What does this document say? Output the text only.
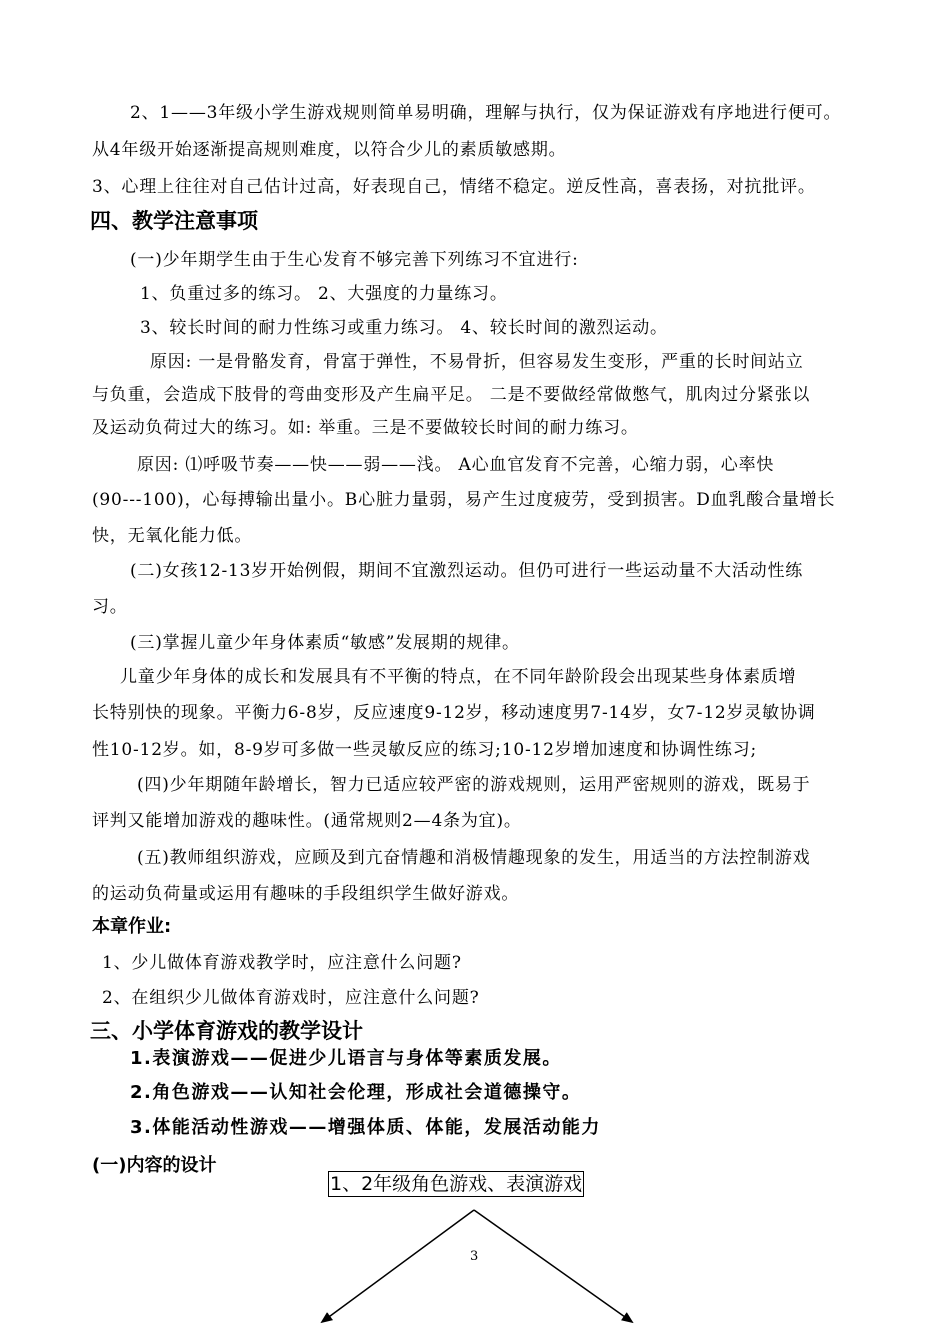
2、1——3年级小学生游戏规则简单易明确，理解与执行，仅为保证游戏有序地进行便可。
从4年级开始逐渐提高规则难度，以符合少儿的素质敏感期。
3、心理上往往对自己估计过高，好表现自己，情绪不稳定。逆反性高，喜表扬，对抗批评。
四、教学注意事项
(一)少年期学生由于生心发育不够完善下列练习不宜进行:
1、负重过多的练习。 2、大强度的力量练习。
3、较长时间的耐力性练习或重力练习。 4、较长时间的激烈运动。
原因: 一是骨骼发育，骨富于弹性，不易骨折，但容易发生变形，严重的长时间站立
与负重，会造成下肢骨的弯曲变形及产生扁平足。 二是不要做经常做憋气，肌肉过分紧张以
及运动负荷过大的练习。如: 举重。三是不要做较长时间的耐力练习。
原因: ⑴呼吸节奏——快——弱——浅。 A心血官发育不完善，心缩力弱，心率快
(90---100)，心每搏输出量小。B心脏力量弱，易产生过度疲劳，受到损害。D血乳酸合量增长
快，无氧化能力低。
(二)女孩12-13岁开始例假，期间不宜激烈运动。但仍可进行一些运动量不大活动性练
习。
(三)掌握儿童少年身体素质“敏感”发展期的规律。
儿童少年身体的成长和发展具有不平衡的特点，在不同年龄阶段会出现某些身体素质增
长特别快的现象。平衡力6-8岁，反应速度9-12岁，移动速度男7-14岁，女7-12岁灵敏协调
性10-12岁。如，8-9岁可多做一些灵敏反应的练习;10-12岁增加速度和协调性练习;
(四)少年期随年龄增长，智力已适应较严密的游戏规则，运用严密规则的游戏，既易于
评判又能增加游戏的趣味性。(通常规则2—4条为宜)。
(五)教师组织游戏，应顾及到亢奋情趣和消极情趣现象的发生，用适当的方法控制游戏
的运动负荷量或运用有趣味的手段组织学生做好游戏。
本章作业:
1、少儿做体育游戏教学时，应注意什么问题?
2、在组织少儿做体育游戏时，应注意什么问题?
三、小学体育游戏的教学设计
1.表演游戏——促进少儿语言与身体等素质发展。
2.角色游戏——认知社会伦理，形成社会道德操守。
3.体能活动性游戏——增强体质、体能，发展活动能力
(一)内容的设计
1、2年级角色游戏、表演游戏
3
